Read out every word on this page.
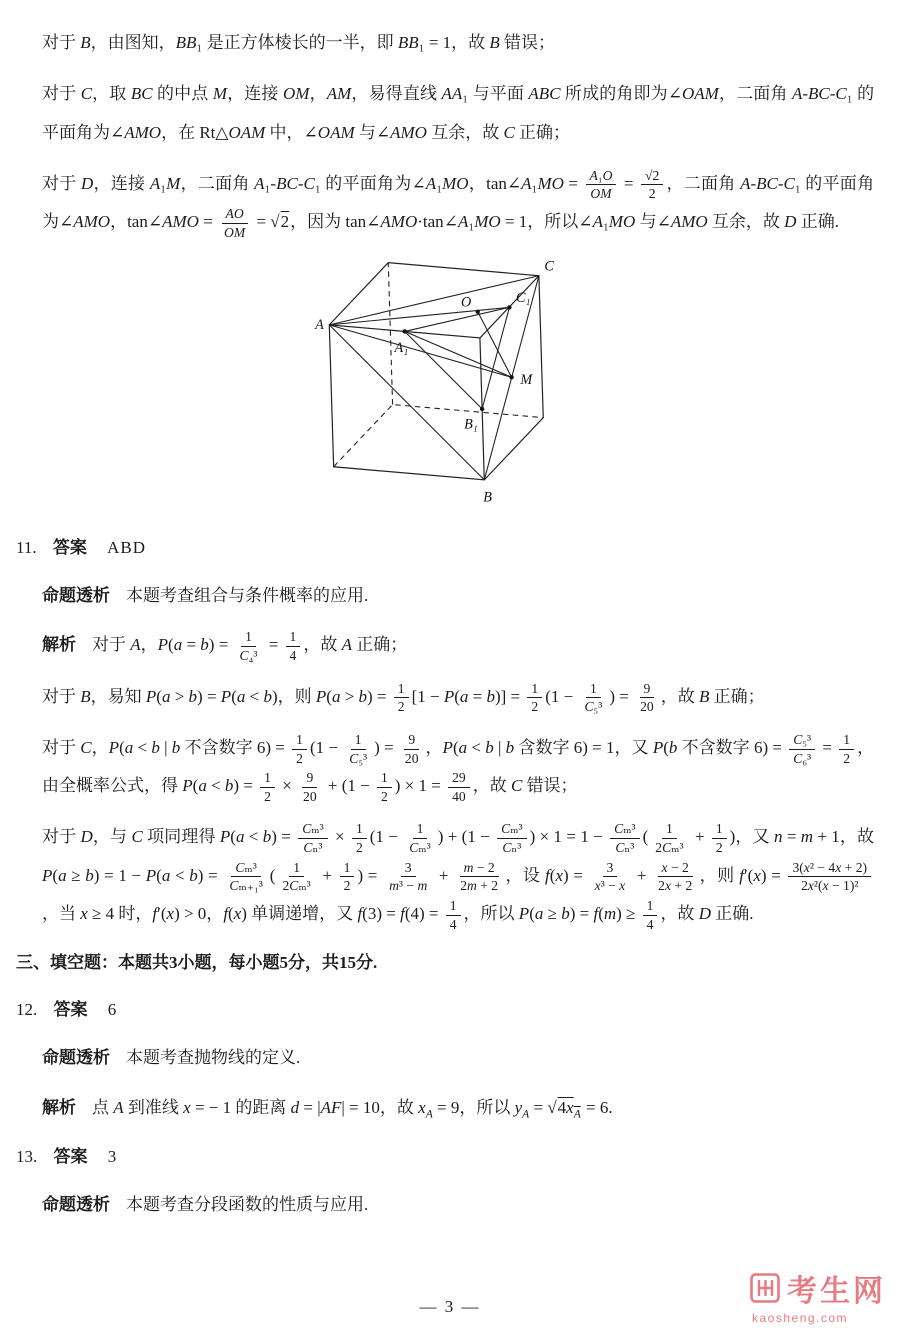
对于 B，由图知，BB₁ 是正方体棱长的一半，即 BB₁ = 1，故 B 错误；
对于 C，取 BC 的中点 M，连接 OM，AM，易得直线 AA₁ 与平面 ABC 所成的角即为∠OAM，二面角 A-BC-C₁ 的平面角为∠AMO，在 Rt△OAM 中，∠OAM 与∠AMO 互余，故 C 正确；
对于 D，连接 A₁M，二面角 A₁-BC-C₁ 的平面角为∠A₁MO，tan∠A₁MO = $\frac{\text{A₁O}}{OM} = \frac{√2}{2}$ ，二面角 A-BC-C₁ 的平面角为∠AMO，tan∠AMO = $\frac{AO}{OM} = √2$，因为 tan∠AMO·tan∠A₁MO = 1，所以∠A₁MO 与∠AMO 互余，故 D 正确.
A
B
C
O	C₁
A₁
M
B₁
11. 答案 ABD
命题透析 本题考查组合与条件概率的应用.
解析 对于 A，$P(a = b) = \frac{1}{\text{C₄³}} = \frac{1}{4}$ ，故 A 正确；
对于 B，易知 P(a > b) = P(a < b)，则 $P(a > b) = \frac{1}{2} [1 - P(a = b)] = \frac{1}{2} (1 - \frac{1}{\text{C₅³}}$ ) = $\frac{9}{20}$ ，故 B 正确；
对于 C，P(a < b | b 不含数字 $6) = \frac{1}{2} (1 - \frac{1}{\text{C₅³}}$ ) = $\frac{9}{20}$ ，P(a < b | b 含数字 6) = 1，又 P(b 不含数字 $6) = \frac{\text{C₅³}}{\text{C₆³}} = \frac{1}{2}$ ，由全概率公式，得 $P(a < b) = \frac{1}{2} \times \frac{9}{20} + (1 - \frac{1}{2}$ ) × $1 = \frac{29}{40}$ ，故 C 错误；
对于 D，与 C 项同理得 $P(a < b) = \frac{\text{Cₘ³}}{\text{Cₙ³}} \times \frac{1}{2} (1 - \frac{1}{\text{Cₘ³}}$ ) + ($1 - \frac{\text{Cₘ³}}{\text{Cₙ³}}$ ) × $1 = 1 - \frac{\text{Cₘ³}}{\text{Cₙ³}}$ ( $\frac{1}{\text{2Cₘ³}} + \frac{1}{2}$ )，又 n = m + 1，故 $P(a \ge b) = 1 - P(a < b) = \frac{\text{Cₘ³}}{\text{Cₘ₊₁³}}$ ( $\frac{1}{\text{2Cₘ³}} + \frac{1}{2}$ ) = $\frac{3}{\text{m³ − m}} + \frac{m - 2}{2m + 2}$ ，设 $f(x) = \frac{3}{\text{x³ − x}} + \frac{x - 2}{2x + 2}$ ，则 $f'(x) = \frac{\text{3(x² − 4x + 2)}}{\text{2x²(x − 1)²}}$
，当 x ≥ 4 时，f′(x) > 0，f(x) 单调递增，又 $f(3) = f(4) = \frac{1}{4}$ ，所以 $P(a \ge b) = f(m) \ge \frac{1}{4}$ ，故 D 正确.
三、填空题：本题共3小题，每小题5分，共15分.
12. 答案 6
命题透析 本题考查抛物线的定义.
解析 点 A 到准线 x = − 1 的距离 d = |AF| = 10，故 $x_A = 9$，所以 $y_A = √4x_A = 6$.
13. 答案 3
命题透析 本题考查分段函数的性质与应用.
— 3 —	考生网
kaosheng.com
